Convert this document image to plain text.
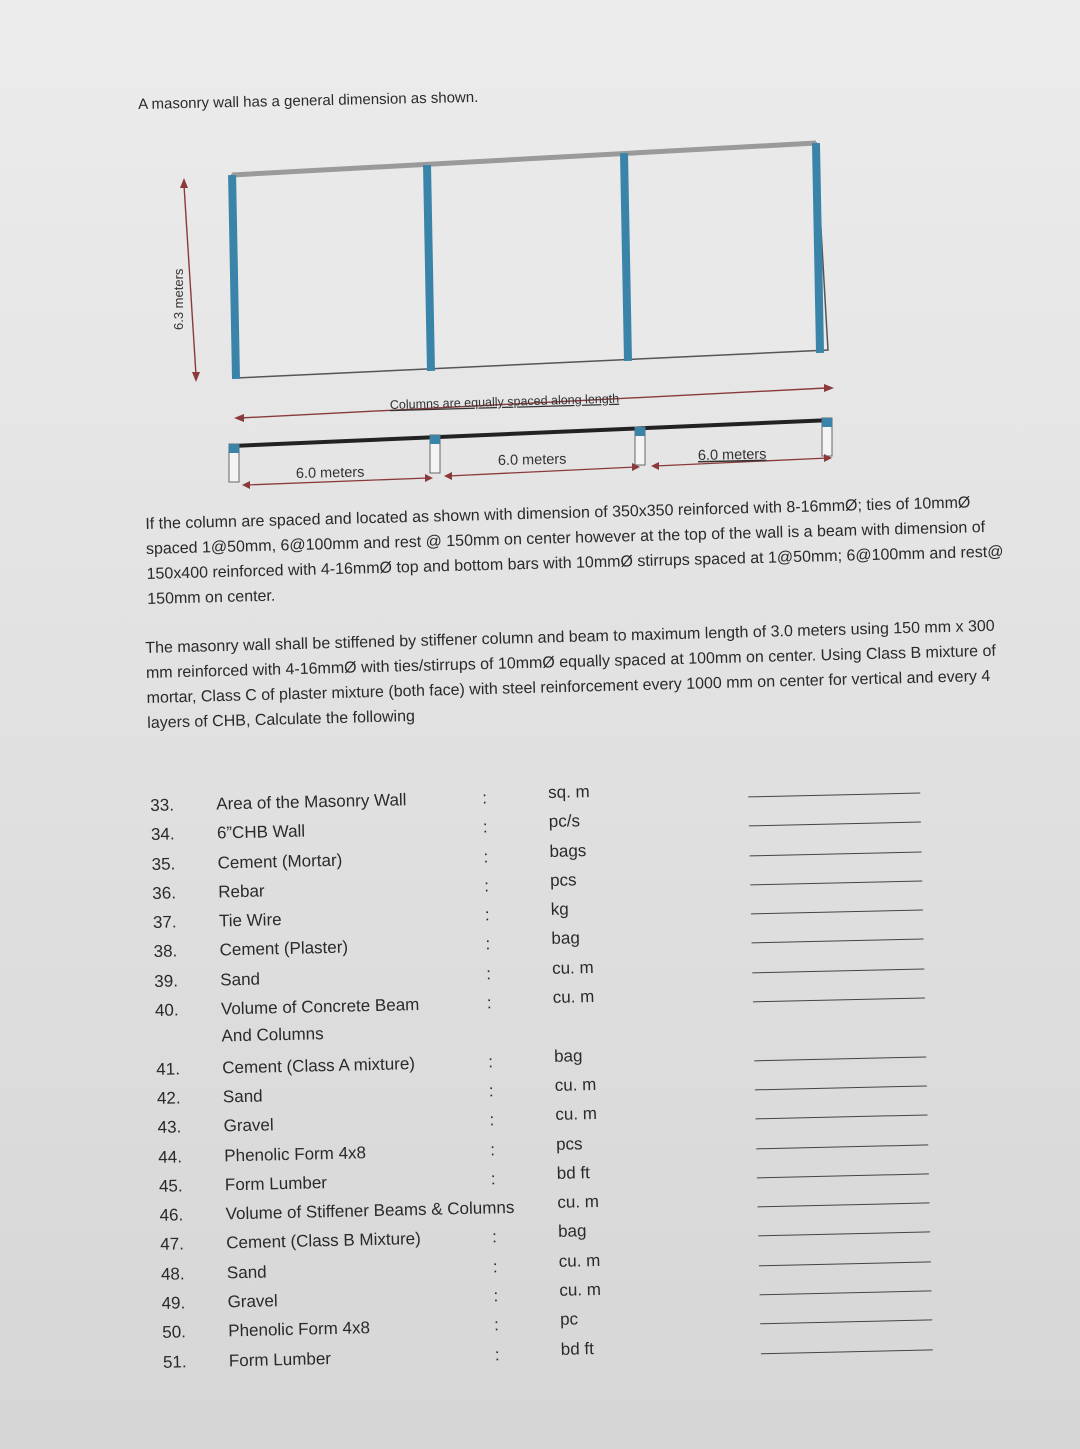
A masonry wall has a general dimension as shown.
6.3 meters
Columns are equally spaced along length
6.0 meters
6.0 meters	6.0 meters
If the column are spaced and located as shown with dimension of 350x350 reinforced with 8-16mmØ; ties of 10mmØ spaced 1@50mm, 6@100mm and rest @ 150mm on center however at the top of the wall is a beam with dimension of 150x400 reinforced with 4-16mmØ top and bottom bars with 10mmØ stirrups spaced at 1@50mm; 6@100mm and rest@ 150mm on center.
The masonry wall shall be stiffened by stiffener column and beam to maximum length of 3.0 meters using 150 mm x 300 mm reinforced with 4-16mmØ with ties/stirrups of 10mmØ equally spaced at 100mm on center. Using Class B mixture of mortar, Class C of plaster mixture (both face) with steel reinforcement every 1000 mm on center for vertical and every 4 layers of CHB, Calculate the following
33. Area of the Masonry Wall	:	sq. m
34. 6”CHB Wall	:	pc/s
35. Cement (Mortar)	:	bags
36. Rebar	:	pcs
37. Tie Wire	:	kg
38. Cement (Plaster)	:	bag
39. Sand	:	cu. m
40. Volume of Concrete Beam	:	cu. m
And Columns
41. Cement (Class A mixture)	:	bag
42. Sand	:	cu. m
43. Gravel	:	cu. m
44. Phenolic Form 4x8	:	pcs
45. Form Lumber	:	bd ft
46. Volume of Stiffener Beams & Columns	cu. m
47. Cement (Class B Mixture)	:	bag
48. Sand	:	cu. m
49. Gravel	:	cu. m
50. Phenolic Form 4x8	:	pc
51. Form Lumber	:	bd ft
